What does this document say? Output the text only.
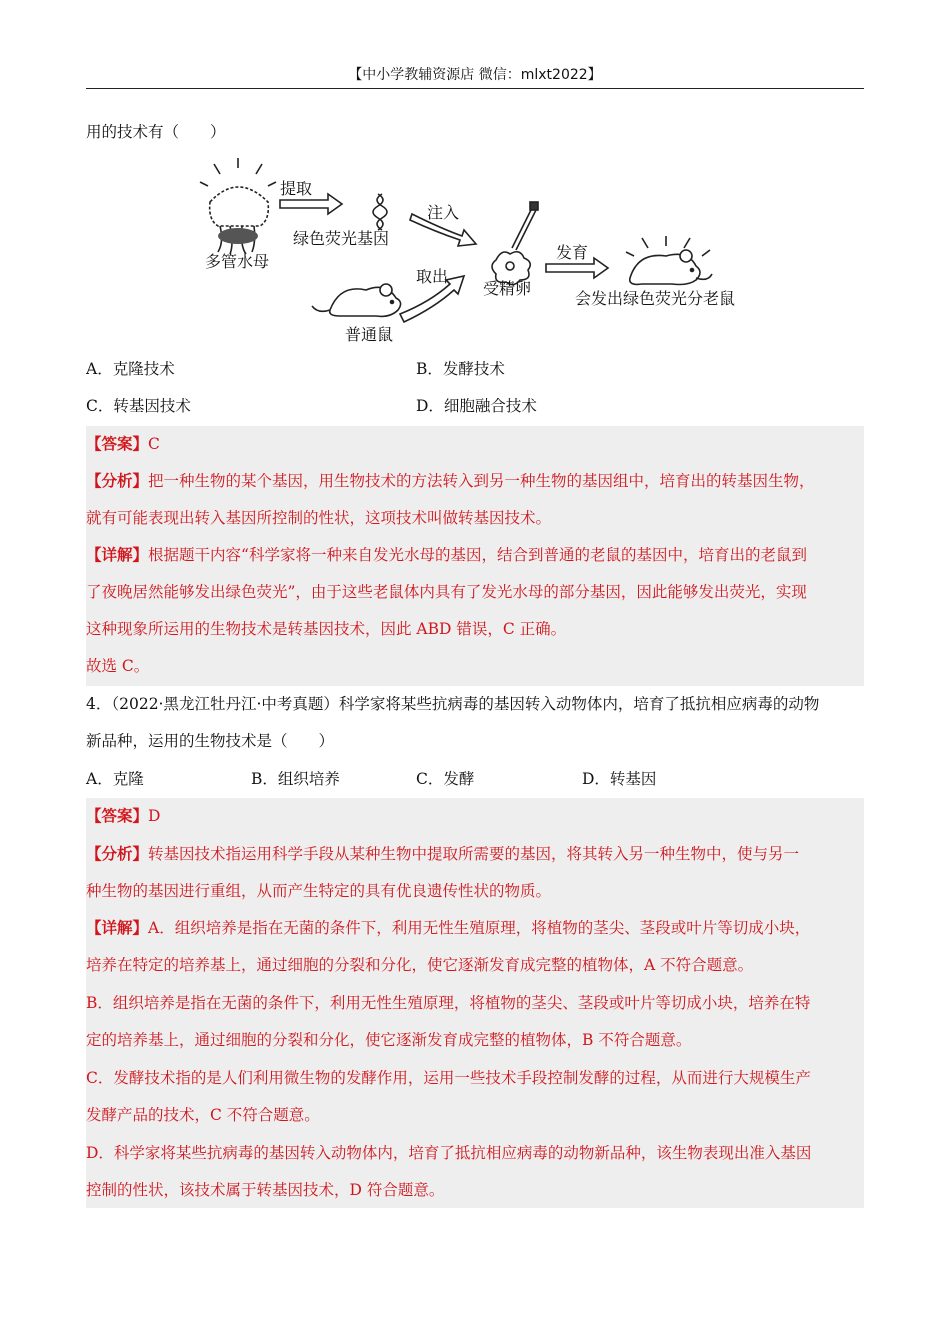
【中小学教辅资源店 微信：mlxt2022】
用的技术有（　　）
多管水母
提取
绿色荧光基因
注入
受精卵
取出
普通鼠
发育
会发出绿色荧光分老鼠
A．克隆技术	B．发酵技术
C．转基因技术	D．细胞融合技术
【答案】C
【分析】把一种生物的某个基因，用生物技术的方法转入到另一种生物的基因组中，培育出的转基因生物，
就有可能表现出转入基因所控制的性状，这项技术叫做转基因技术。
【详解】根据题干内容“科学家将一种来自发光水母的基因，结合到普通的老鼠的基因中，培育出的老鼠到
了夜晚居然能够发出绿色荧光”，由于这些老鼠体内具有了发光水母的部分基因，因此能够发出荧光，实现
这种现象所运用的生物技术是转基因技术，因此 ABD 错误，C 正确。
故选 C。
4．（2022·黑龙江牡丹江·中考真题）科学家将某些抗病毒的基因转入动物体内，培育了抵抗相应病毒的动物
新品种，运用的生物技术是（　　）
A．克隆	B．组织培养	C．发酵	D．转基因
【答案】D
【分析】转基因技术指运用科学手段从某种生物中提取所需要的基因，将其转入另一种生物中，使与另一
种生物的基因进行重组，从而产生特定的具有优良遗传性状的物质。
【详解】A．组织培养是指在无菌的条件下，利用无性生殖原理，将植物的茎尖、茎段或叶片等切成小块，
培养在特定的培养基上，通过细胞的分裂和分化，使它逐渐发育成完整的植物体，A 不符合题意。
B．组织培养是指在无菌的条件下，利用无性生殖原理，将植物的茎尖、茎段或叶片等切成小块，培养在特
定的培养基上，通过细胞的分裂和分化，使它逐渐发育成完整的植物体，B 不符合题意。
C．发酵技术指的是人们利用微生物的发酵作用，运用一些技术手段控制发酵的过程，从而进行大规模生产
发酵产品的技术，C 不符合题意。
D．科学家将某些抗病毒的基因转入动物体内，培育了抵抗相应病毒的动物新品种，该生物表现出准入基因
控制的性状，该技术属于转基因技术，D 符合题意。
